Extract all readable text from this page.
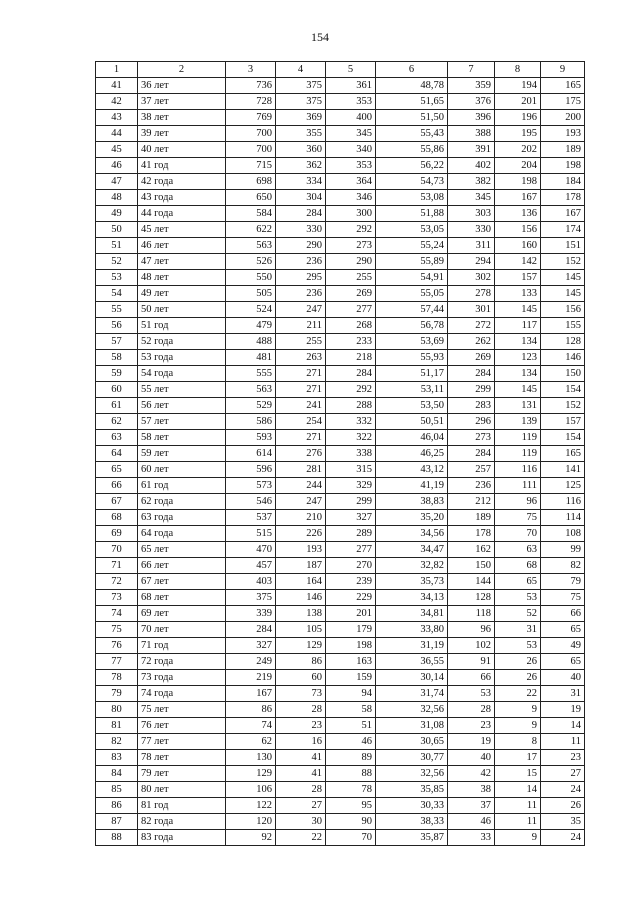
154
1	2	3	4	5	6	7	8	9
41	36 лет	736	375	361	48,78	359	194	165
42	37 лет	728	375	353	51,65	376	201	175
43	38 лет	769	369	400	51,50	396	196	200
44	39 лет	700	355	345	55,43	388	195	193
45	40 лет	700	360	340	55,86	391	202	189
46	41 год	715	362	353	56,22	402	204	198
47	42 года	698	334	364	54,73	382	198	184
48	43 года	650	304	346	53,08	345	167	178
49	44 года	584	284	300	51,88	303	136	167
50	45 лет	622	330	292	53,05	330	156	174
51	46 лет	563	290	273	55,24	311	160	151
52	47 лет	526	236	290	55,89	294	142	152
53	48 лет	550	295	255	54,91	302	157	145
54	49 лет	505	236	269	55,05	278	133	145
55	50 лет	524	247	277	57,44	301	145	156
56	51 год	479	211	268	56,78	272	117	155
57	52 года	488	255	233	53,69	262	134	128
58	53 года	481	263	218	55,93	269	123	146
59	54 года	555	271	284	51,17	284	134	150
60	55 лет	563	271	292	53,11	299	145	154
61	56 лет	529	241	288	53,50	283	131	152
62	57 лет	586	254	332	50,51	296	139	157
63	58 лет	593	271	322	46,04	273	119	154
64	59 лет	614	276	338	46,25	284	119	165
65	60 лет	596	281	315	43,12	257	116	141
66	61 год	573	244	329	41,19	236	111	125
67	62 года	546	247	299	38,83	212	96	116
68	63 года	537	210	327	35,20	189	75	114
69	64 года	515	226	289	34,56	178	70	108
70	65 лет	470	193	277	34,47	162	63	99
71	66 лет	457	187	270	32,82	150	68	82
72	67 лет	403	164	239	35,73	144	65	79
73	68 лет	375	146	229	34,13	128	53	75
74	69 лет	339	138	201	34,81	118	52	66
75	70 лет	284	105	179	33,80	96	31	65
76	71 год	327	129	198	31,19	102	53	49
77	72 года	249	86	163	36,55	91	26	65
78	73 года	219	60	159	30,14	66	26	40
79	74 года	167	73	94	31,74	53	22	31
80	75 лет	86	28	58	32,56	28	9	19
81	76 лет	74	23	51	31,08	23	9	14
82	77 лет	62	16	46	30,65	19	8	11
83	78 лет	130	41	89	30,77	40	17	23
84	79 лет	129	41	88	32,56	42	15	27
85	80 лет	106	28	78	35,85	38	14	24
86	81 год	122	27	95	30,33	37	11	26
87	82 года	120	30	90	38,33	46	11	35
88	83 года	92	22	70	35,87	33	9	24
